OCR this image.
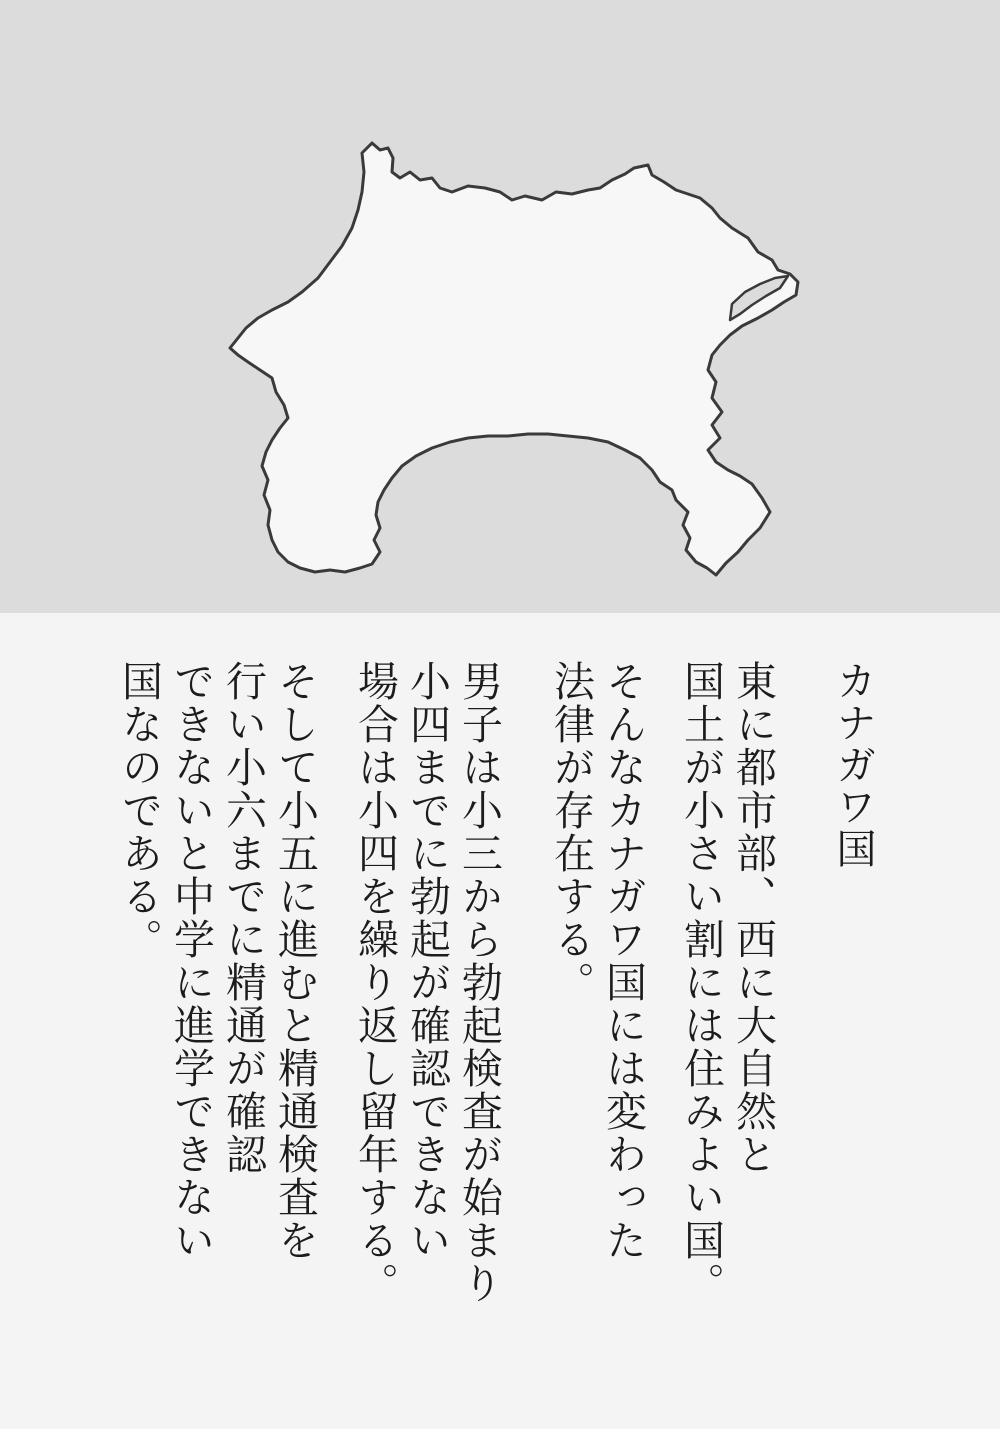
カナガワ国
東に都市部、西に大自然と
国土が小さい割には住みよい国。
そんなカナガワ国には変わった
法律が存在する。
男子は小三から勃起検査が始まり
小四までに勃起が確認できない
場合は小四を繰り返し留年する。
そして小五に進むと精通検査を
行い小六までに精通が確認
できないと中学に進学できない
国なのである。
